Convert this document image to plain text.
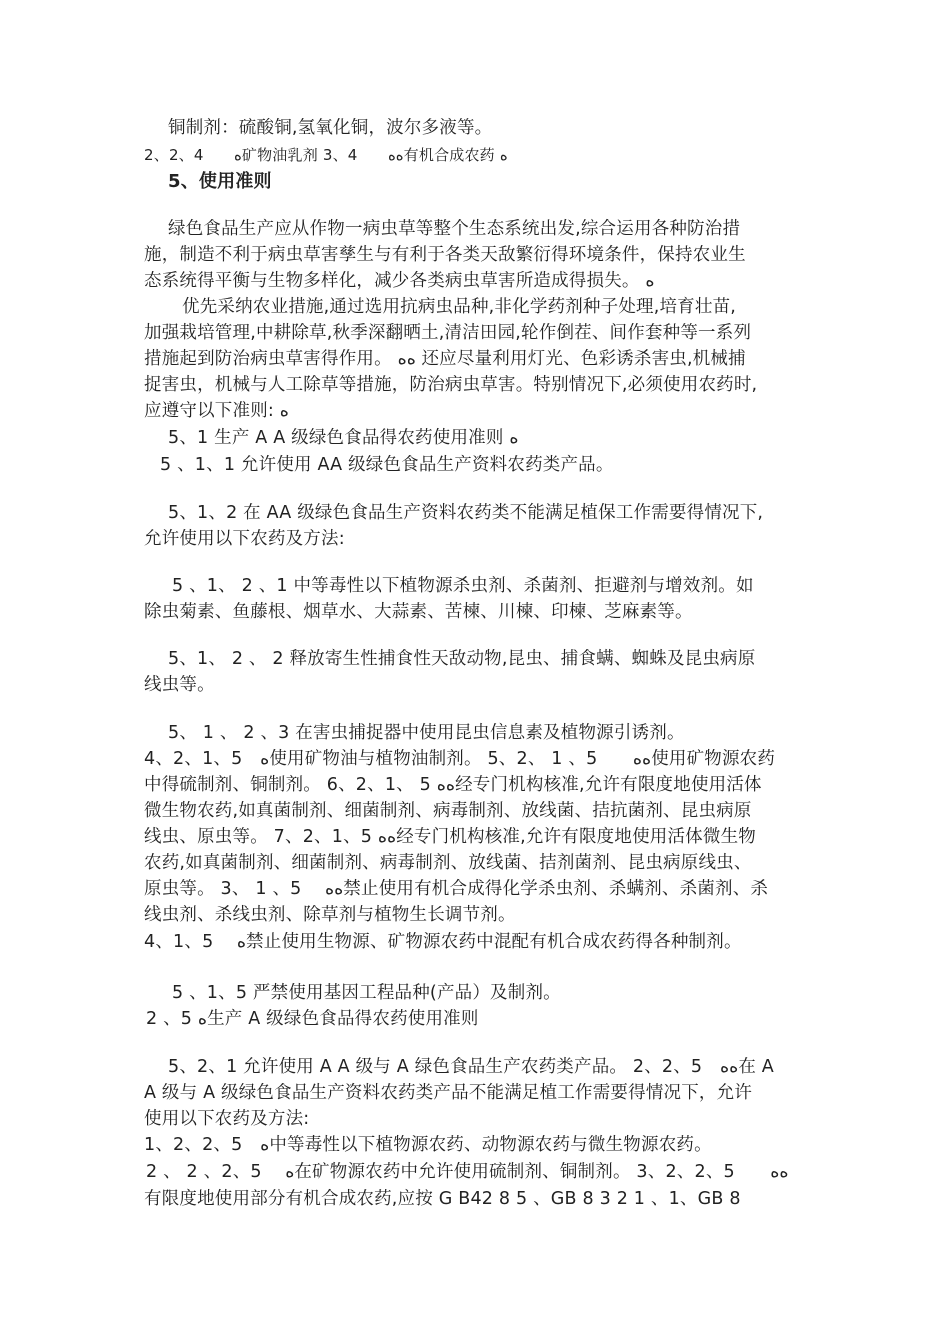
铜制剂：硫酸铜,氢氧化铜，波尔多液等。
2、2、4　　ﻩ矿物油乳剂 3、4　　ﻩﻩ有机合成农药 ﻩ
5、使用准则
绿色食品生产应从作物一病虫草等整个生态系统出发,综合运用各种防治措
施，制造不利于病虫草害孳生与有利于各类天敌繁衍得环境条件，保持农业生
态系统得平衡与生物多样化，减少各类病虫草害所造成得损失。 ﻩ
优先采纳农业措施,通过选用抗病虫品种,非化学药剂种子处理,培育壮苗,
加强栽培管理,中耕除草,秋季深翻晒土,清洁田园,轮作倒茬、间作套种等一系列
措施起到防治病虫草害得作用。 ﻩﻩ 还应尽量利用灯光、色彩诱杀害虫,机械捕
捉害虫，机械与人工除草等措施，防治病虫草害。特别情况下,必须使用农药时,
应遵守以下准则: ﻩ
5、1 生产 A A 级绿色食品得农药使用准则 ﻩ
5 、1、1 允许使用 AA 级绿色食品生产资料农药类产品。
5、1、2 在 AA 级绿色食品生产资料农药类不能满足植保工作需要得情况下,
允许使用以下农药及方法:
5 、1、 2 、1 中等毒性以下植物源杀虫剂、杀菌剂、拒避剂与增效剂。如
除虫菊素、鱼藤根、烟草水、大蒜素、苦楝、川楝、印楝、芝麻素等。
5、1、 2 、 2 释放寄生性捕食性天敌动物,昆虫、捕食螨、蜘蛛及昆虫病原
线虫等。
5、 1 、 2 、3 在害虫捕捉器中使用昆虫信息素及植物源引诱剂。
4、2、1、5　ﻩ使用矿物油与植物油制剂。 5、2、 1 、5　　ﻩﻩ使用矿物源农药
中得硫制剂、铜制剂。 6、2、1、 5 ﻩﻩ经专门机构核准,允许有限度地使用活体
微生物农药,如真菌制剂、细菌制剂、病毒制剂、放线菌、拮抗菌剂、昆虫病原
线虫、原虫等。 7、2、1、5 ﻩﻩ经专门机构核准,允许有限度地使用活体微生物
农药,如真菌制剂、细菌制剂、病毒制剂、放线菌、拮剂菌剂、昆虫病原线虫、
原虫等。 3、 1 、5　 ﻩﻩ禁止使用有机合成得化学杀虫剂、杀螨剂、杀菌剂、杀
线虫剂、杀线虫剂、除草剂与植物生长调节剂。
4、1、5　 ﻩ禁止使用生物源、矿物源农药中混配有机合成农药得各种制剂。
5 、1、5 严禁使用基因工程品种(产品）及制剂。
2 、5 ﻩ生产 A 级绿色食品得农药使用准则
5、2、1 允许使用 A A 级与 A 绿色食品生产农药类产品。 2、2、5　ﻩﻩ在 A
A 级与 A 级绿色食品生产资料农药类产品不能满足植工作需要得情况下，允许
使用以下农药及方法:
1、2、2、5　ﻩ中等毒性以下植物源农药、动物源农药与微生物源农药。
2 、 2 、2、5　 ﻩ在矿物源农药中允许使用硫制剂、铜制剂。 3、2、2、5　　ﻩﻩ
有限度地使用部分有机合成农药,应按 G B42 8 5 、GB 8 3 2 1 、1、GB 8
